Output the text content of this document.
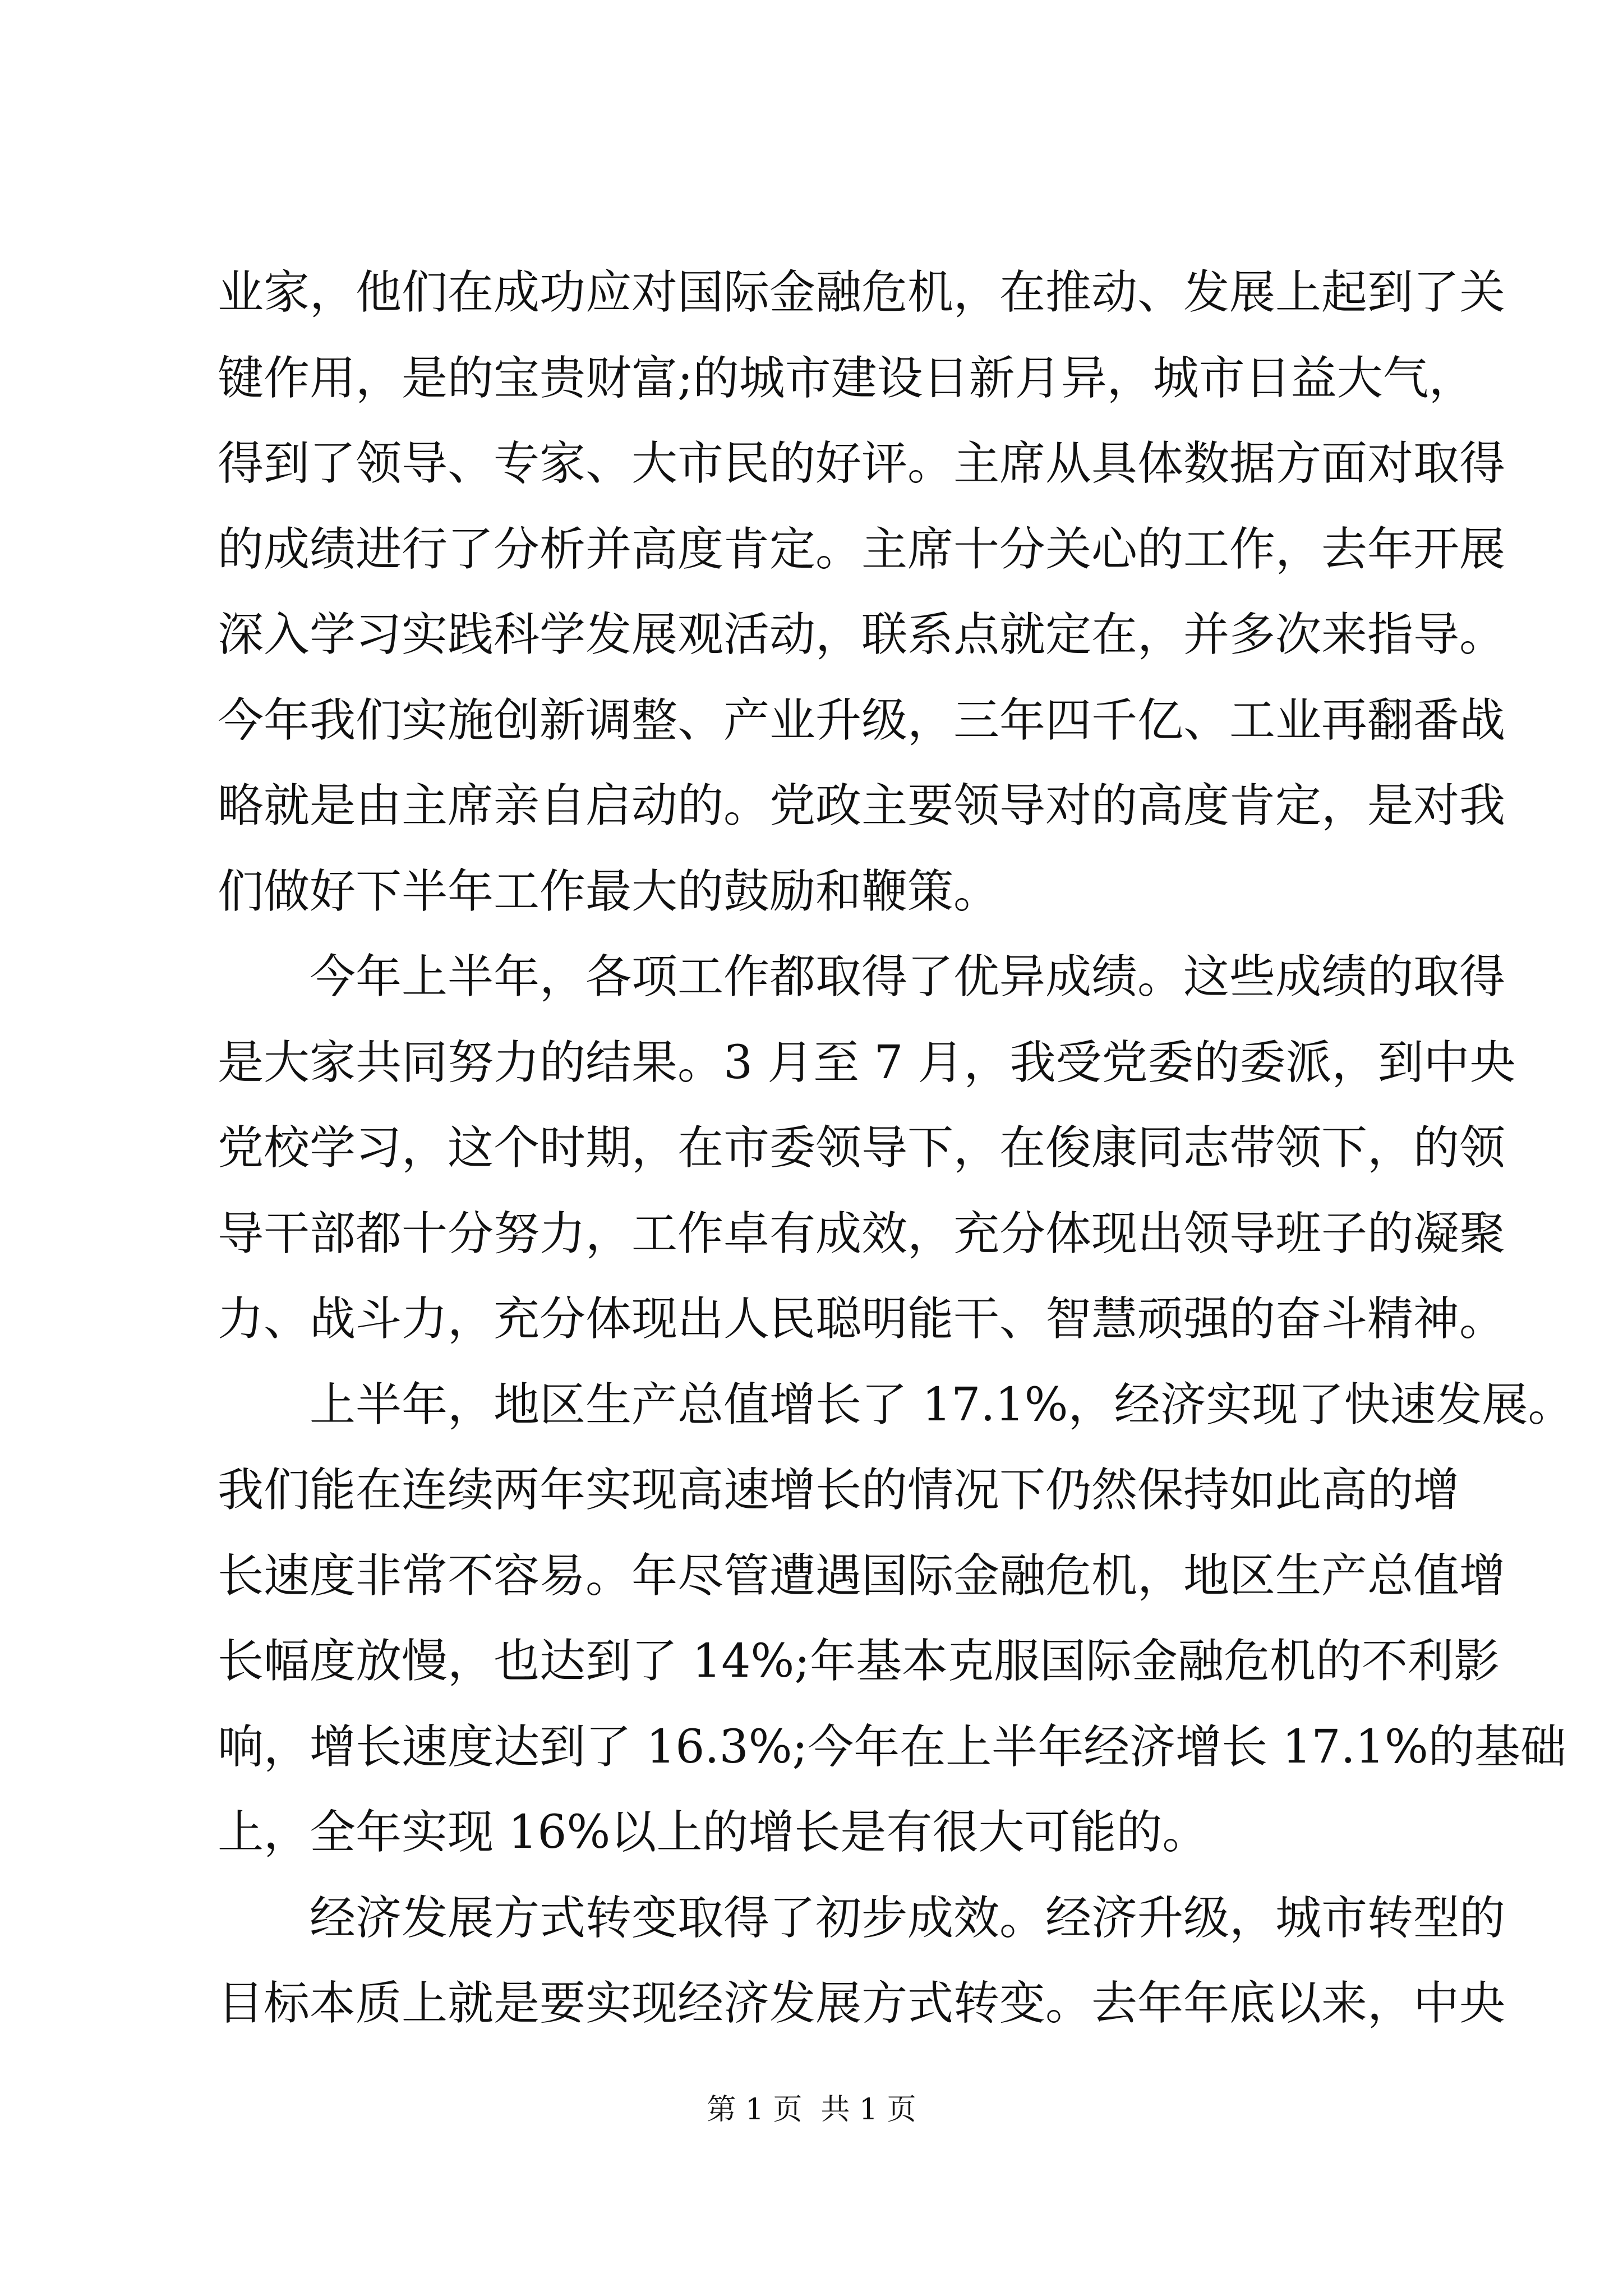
业家，他们在成功应对国际金融危机，在推动、发展上起到了关
键作用，是的宝贵财富;的城市建设日新月异，城市日益大气，
得到了领导、专家、大市民的好评。主席从具体数据方面对取得
的成绩进行了分析并高度肯定。主席十分关心的工作，去年开展
深入学习实践科学发展观活动，联系点就定在，并多次来指导。
今年我们实施创新调整、产业升级，三年四千亿、工业再翻番战
略就是由主席亲自启动的。党政主要领导对的高度肯定，是对我
们做好下半年工作最大的鼓励和鞭策。
今年上半年，各项工作都取得了优异成绩。这些成绩的取得
是大家共同努力的结果。3 月至 7 月，我受党委的委派，到中央
党校学习，这个时期，在市委领导下，在俊康同志带领下，的领
导干部都十分努力，工作卓有成效，充分体现出领导班子的凝聚
力、战斗力，充分体现出人民聪明能干、智慧顽强的奋斗精神。
上半年，地区生产总值增长了 17.1%，经济实现了快速发展。
我们能在连续两年实现高速增长的情况下仍然保持如此高的增
长速度非常不容易。年尽管遭遇国际金融危机，地区生产总值增
长幅度放慢，也达到了 14%;年基本克服国际金融危机的不利影
响，增长速度达到了 16.3%;今年在上半年经济增长 17.1%的基础
上，全年实现 16%以上的增长是有很大可能的。
经济发展方式转变取得了初步成效。经济升级，城市转型的
目标本质上就是要实现经济发展方式转变。去年年底以来，中央
第 1 页  共 1 页
